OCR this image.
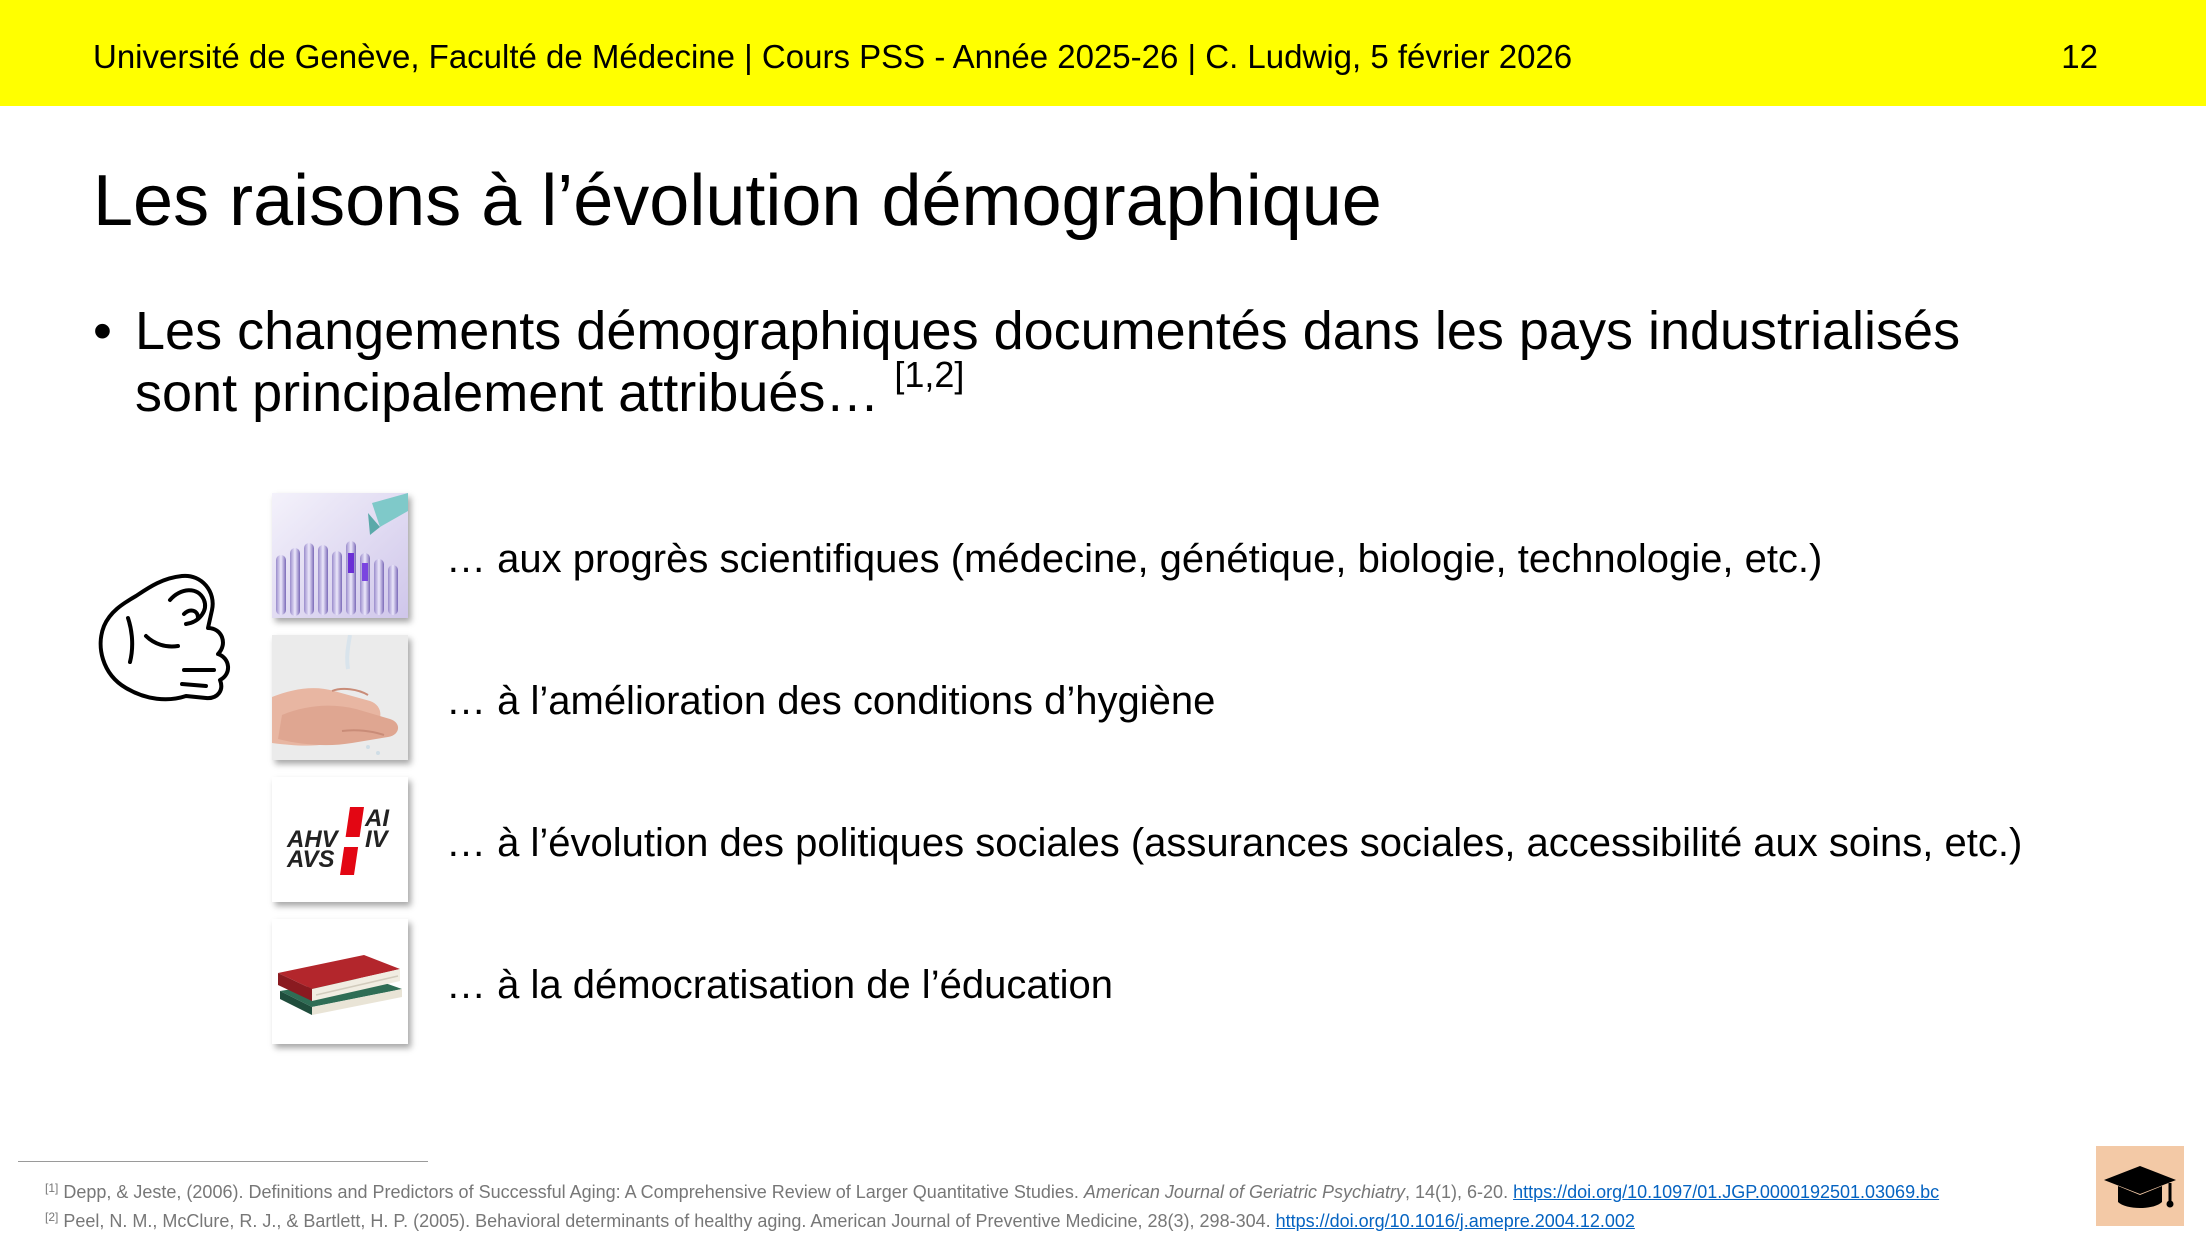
Université de Genève, Faculté de Médecine | Cours PSS - Année 2025-26 | C. Ludwig, 5 février 2026	12
Les raisons à l’évolution démographique
• Les changements démographiques documentés dans les pays industrialisés sont principalement attribués… [1,2]
… aux progrès scientifiques (médecine, génétique, biologie, technologie, etc.)
… à l’amélioration des conditions d’hygiène
AHV
AVS
AI
IV … à l’évolution des politiques sociales (assurances sociales, accessibilité aux soins, etc.)
… à la démocratisation de l’éducation
[1] Depp, & Jeste, (2006). Definitions and Predictors of Successful Aging: A Comprehensive Review of Larger Quantitative Studies. American Journal of Geriatric Psychiatry, 14(1), 6-20. https://doi.org/10.1097/01.JGP.0000192501.03069.bc
[2] Peel, N. M., McClure, R. J., & Bartlett, H. P. (2005). Behavioral determinants of healthy aging. American Journal of Preventive Medicine, 28(3), 298-304. https://doi.org/10.1016/j.amepre.2004.12.002
